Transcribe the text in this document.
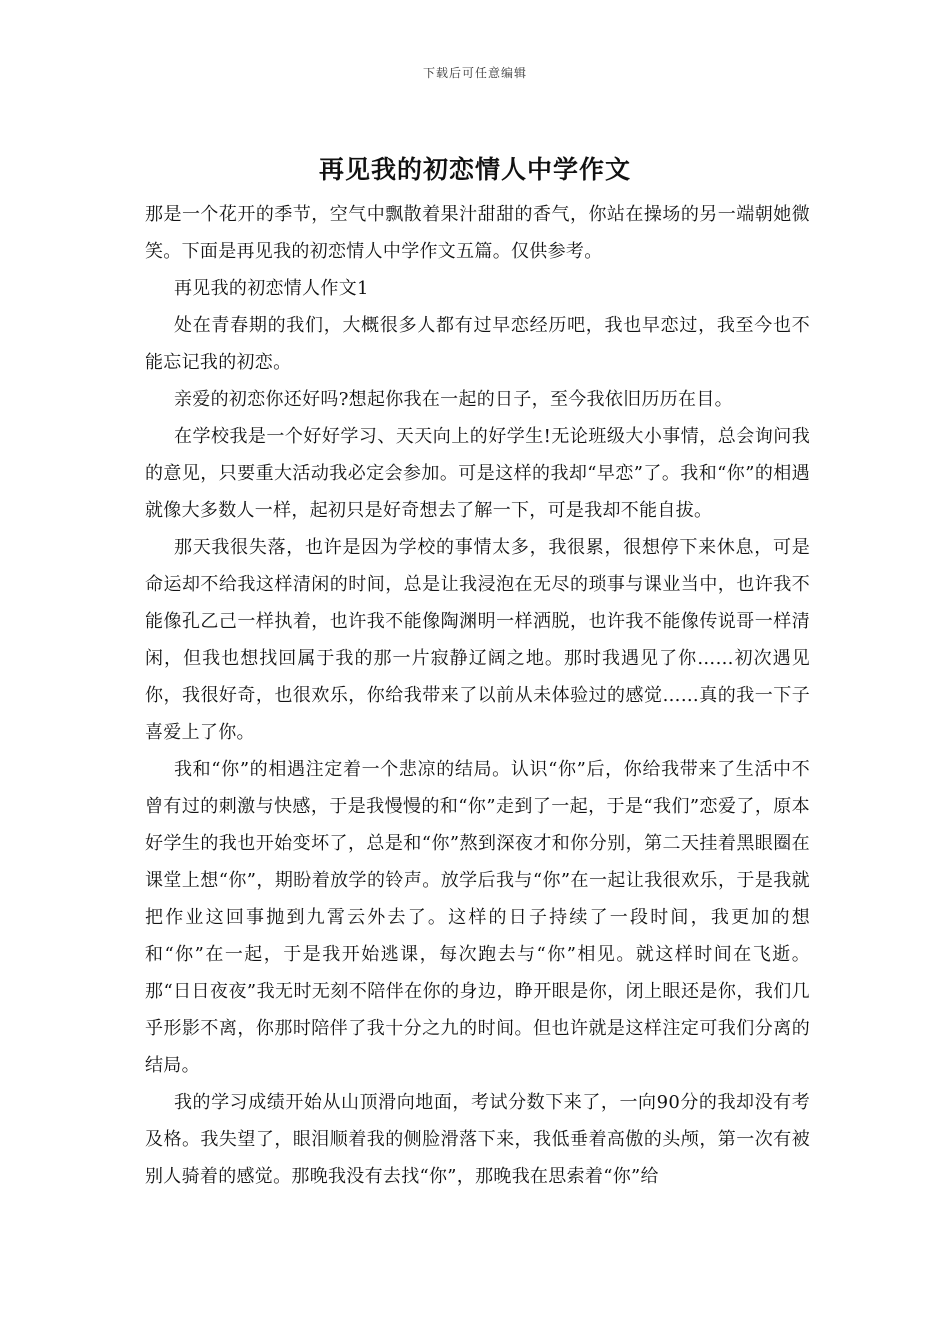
下载后可任意编辑
再见我的初恋情人中学作文

那是一个花开的季节，空气中飘散着果汁甜甜的香气，你站在操场的另一端朝她微笑。下面是再见我的初恋情人中学作文五篇。仅供参考。

再见我的初恋情人作文1

处在青春期的我们，大概很多人都有过早恋经历吧，我也早恋过，我至今也不能忘记我的初恋。

亲爱的初恋你还好吗?想起你我在一起的日子，至今我依旧历历在目。

在学校我是一个好好学习、天天向上的好学生!无论班级大小事情，总会询问我的意见，只要重大活动我必定会参加。可是这样的我却“早恋”了。我和“你”的相遇就像大多数人一样，起初只是好奇想去了解一下，可是我却不能自拔。

那天我很失落，也许是因为学校的事情太多，我很累，很想停下来休息，可是命运却不给我这样清闲的时间，总是让我浸泡在无尽的琐事与课业当中，也许我不能像孔乙己一样执着，也许我不能像陶渊明一样洒脱，也许我不能像传说哥一样清闲，但我也想找回属于我的那一片寂静辽阔之地。那时我遇见了你……初次遇见你，我很好奇，也很欢乐，你给我带来了以前从未体验过的感觉……真的我一下子喜爱上了你。

我和“你”的相遇注定着一个悲凉的结局。认识“你”后，你给我带来了生活中不曾有过的刺激与快感，于是我慢慢的和“你”走到了一起，于是“我们”恋爱了，原本好学生的我也开始变坏了，总是和“你”熬到深夜才和你分别，第二天挂着黑眼圈在课堂上想“你”，期盼着放学的铃声。放学后我与“你”在一起让我很欢乐，于是我就把作业这回事抛到九霄云外去了。这样的日子持续了一段时间，我更加的想和“你”在一起，于是我开始逃课，每次跑去与“你”相见。就这样时间在飞逝。那“日日夜夜”我无时无刻不陪伴在你的身边，睁开眼是你，闭上眼还是你，我们几乎形影不离，你那时陪伴了我十分之九的时间。但也许就是这样注定可我们分离的结局。

我的学习成绩开始从山顶滑向地面，考试分数下来了，一向90分的我却没有考及格。我失望了，眼泪顺着我的侧脸滑落下来，我低垂着高傲的头颅，第一次有被别人骑着的感觉。那晚我没有去找“你”，那晚我在思索着“你”给
